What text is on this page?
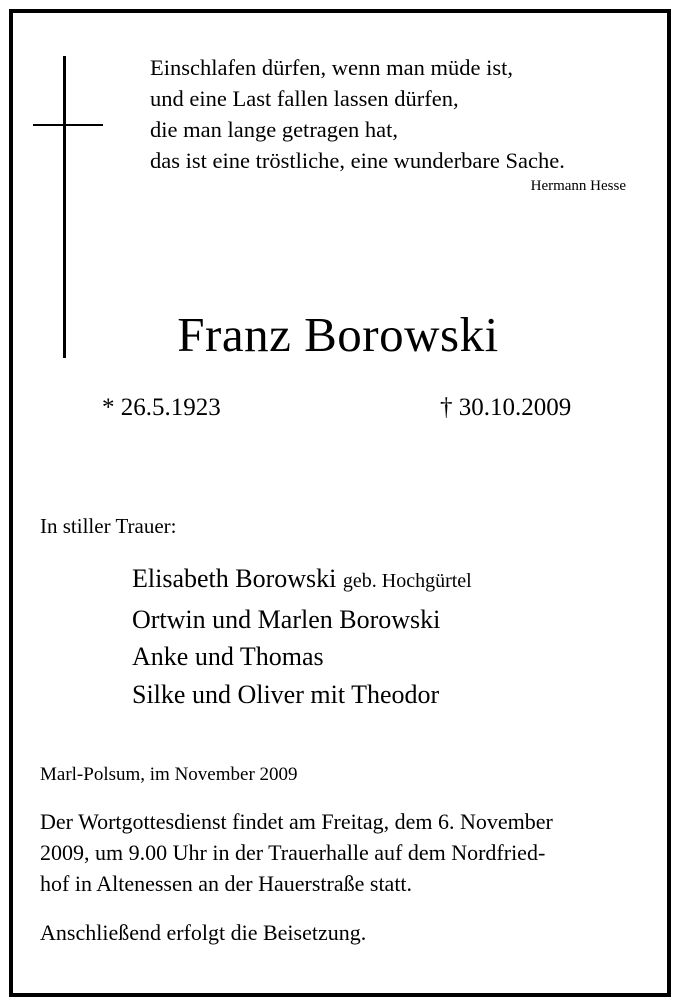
Einschlafen dürfen, wenn man müde ist,
und eine Last fallen lassen dürfen,
die man lange getragen hat,
das ist eine tröstliche, eine wunderbare Sache.
Hermann Hesse
Franz Borowski
* 26.5.1923	† 30.10.2009
In stiller Trauer:
Elisabeth Borowski geb. Hochgürtel
Ortwin und Marlen Borowski
Anke und Thomas
Silke und Oliver mit Theodor
Marl-Polsum, im November 2009
Der Wortgottesdienst findet am Freitag, dem 6. November
2009, um 9.00 Uhr in der Trauerhalle auf dem Nordfried-
hof in Altenessen an der Hauerstraße statt.
Anschließend erfolgt die Beisetzung.
